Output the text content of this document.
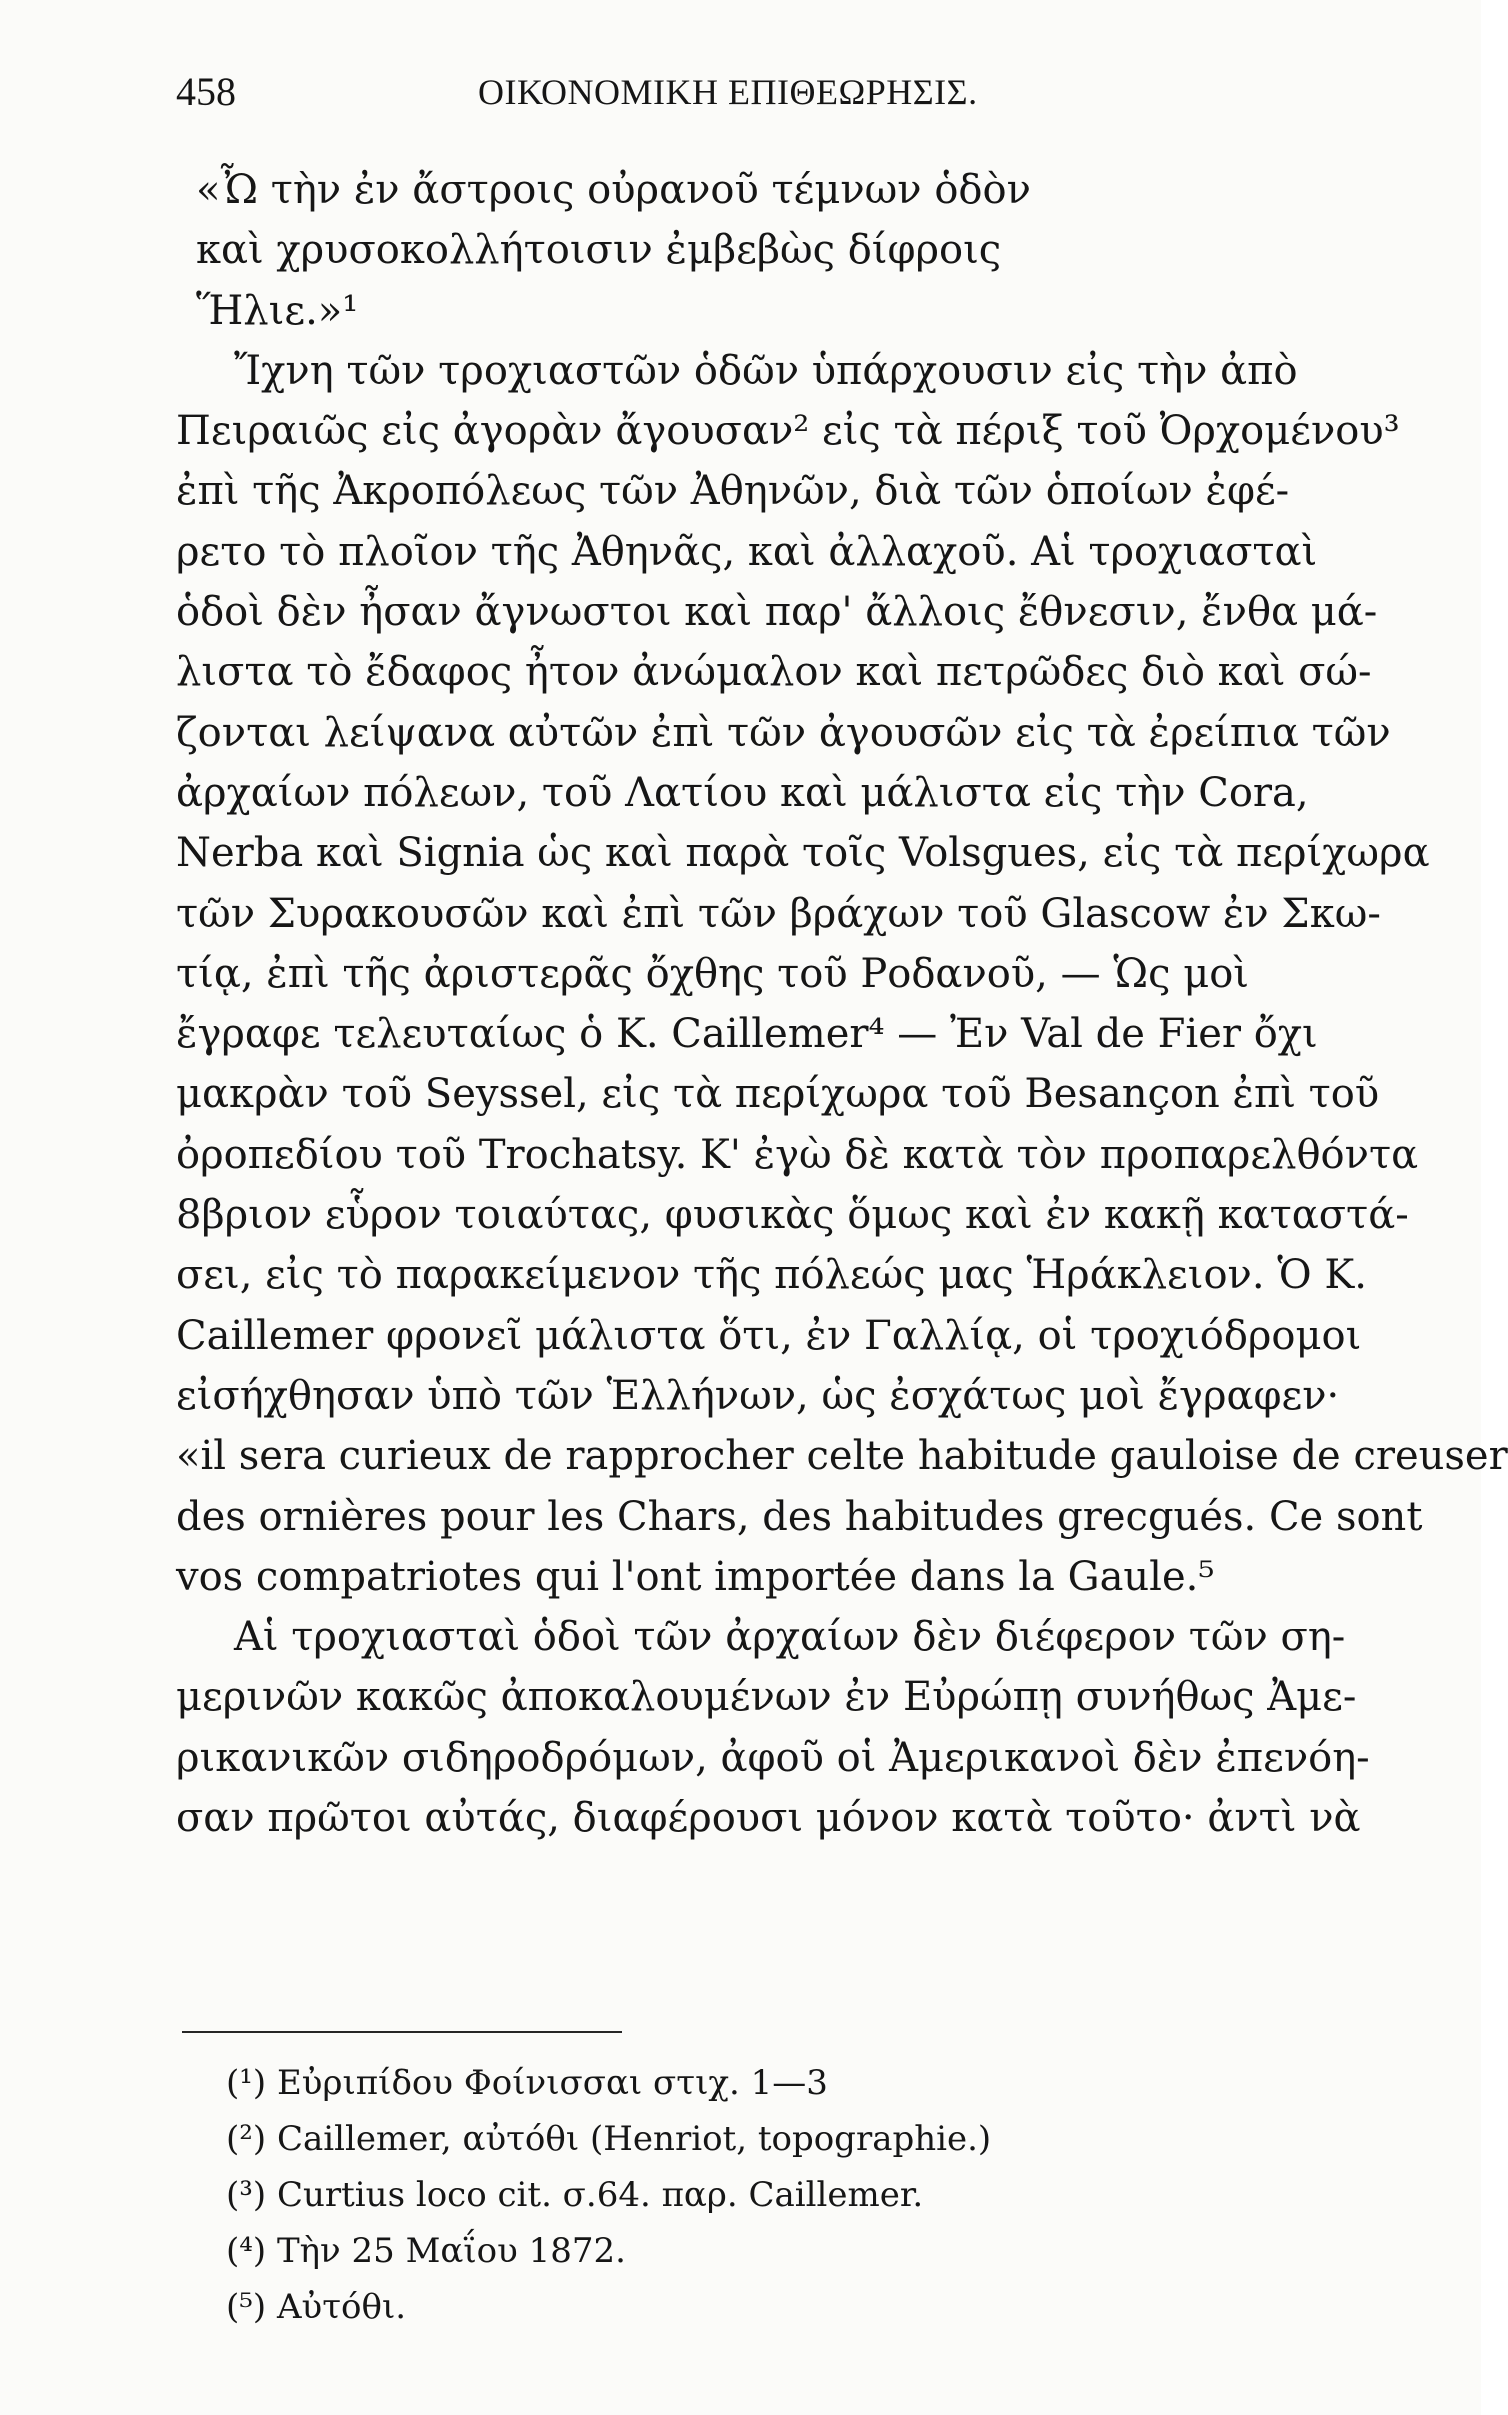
458	ΟΙΚΟΝΟΜΙΚΗ ΕΠΙΘΕΩΡΗΣΙΣ.
«Ὦ τὴν ἐν ἄστροις οὐρανοῦ τέμνων ὁδὸν
καὶ χρυσοκολλήτοισιν ἐμβεβὼς δίφροις
Ἥλιε.»¹
Ἴχνη τῶν τροχιαστῶν ὁδῶν ὑπάρχουσιν εἰς τὴν ἀπὸ
Πειραιῶς εἰς ἀγορὰν ἄγουσαν² εἰς τὰ πέριξ τοῦ Ὀρχομένου³
ἐπὶ τῆς Ἀκροπόλεως τῶν Ἀθηνῶν, διὰ τῶν ὁποίων ἐφέ-
ρετο τὸ πλοῖον τῆς Ἀθηνᾶς, καὶ ἀλλαχοῦ. Αἱ τροχιασταὶ
ὁδοὶ δὲν ἦσαν ἄγνωστοι καὶ παρ' ἄλλοις ἔθνεσιν, ἔνθα μά-
λιστα τὸ ἔδαφος ἦτον ἀνώμαλον καὶ πετρῶδες διὸ καὶ σώ-
ζονται λείψανα αὐτῶν ἐπὶ τῶν ἀγουσῶν εἰς τὰ ἐρείπια τῶν
ἀρχαίων πόλεων, τοῦ Λατίου καὶ μάλιστα εἰς τὴν Cora,
Nerba καὶ Signia ὡς καὶ παρὰ τοῖς Volsgues, εἰς τὰ περίχωρα
τῶν Συρακουσῶν καὶ ἐπὶ τῶν βράχων τοῦ Glascow ἐν Σκω-
τίᾳ, ἐπὶ τῆς ἀριστερᾶς ὄχθης τοῦ Ροδανοῦ, — Ὡς μοὶ
ἔγραφε τελευταίως ὁ Κ. Caillemer⁴ — Ἐν Val de Fier ὄχι
μακρὰν τοῦ Seyssel, εἰς τὰ περίχωρα τοῦ Besançon ἐπὶ τοῦ
ὀροπεδίου τοῦ Trochatsy. Κ' ἐγὼ δὲ κατὰ τὸν προπαρελθόντα
8βριον εὗρον τοιαύτας, φυσικὰς ὅμως καὶ ἐν κακῇ καταστά-
σει, εἰς τὸ παρακείμενον τῆς πόλεώς μας Ἡράκλειον. Ὁ Κ.
Caillemer φρονεῖ μάλιστα ὅτι, ἐν Γαλλίᾳ, οἱ τροχιόδρομοι
εἰσήχθησαν ὑπὸ τῶν Ἑλλήνων, ὡς ἐσχάτως μοὶ ἔγραφεν·
«il sera curieux de rapprocher celte habitude gauloise de creuser
des ornières pour les Chars, des habitudes grecgués. Ce sont
vos compatriotes qui l'ont importée dans la Gaule.⁵
Αἱ τροχιασταὶ ὁδοὶ τῶν ἀρχαίων δὲν διέφερον τῶν ση-
μερινῶν κακῶς ἀποκαλουμένων ἐν Εὐρώπῃ συνήθως Ἀμε-
ρικανικῶν σιδηροδρόμων, ἀφοῦ οἱ Ἀμερικανοὶ δὲν ἐπενόη-
σαν πρῶτοι αὐτάς, διαφέρουσι μόνον κατὰ τοῦτο· ἀντὶ νὰ
(¹) Εὐριπίδου Φοίνισσαι στιχ. 1—3
(²) Caillemer, αὐτόθι (Henriot, topographie.)
(³) Curtius loco cit. σ.64. παρ. Caillemer.
(⁴) Τὴν 25 Μαΐου 1872.
(⁵) Αὐτόθι.
